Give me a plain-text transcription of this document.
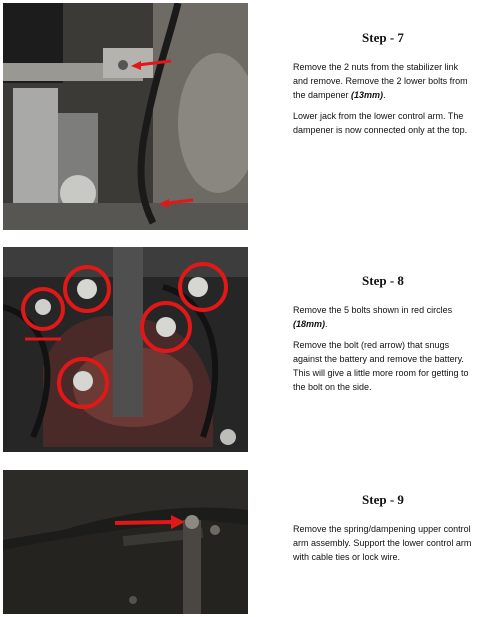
Step - 7

Remove the 2 nuts from the stabilizer link and remove. Remove the 2 lower bolts from the dampener (13mm).

Lower jack from the lower control arm. The dampener is now connected only at the top.

Step - 8

Remove the 5 bolts shown in red circles (18mm).

Remove the bolt (red arrow) that snugs against the battery and remove the battery. This will give a little more room for getting to the bolt on the side.

Step - 9

Remove the spring/dampening upper control arm assembly. Support the lower control arm with cable ties or lock wire.
